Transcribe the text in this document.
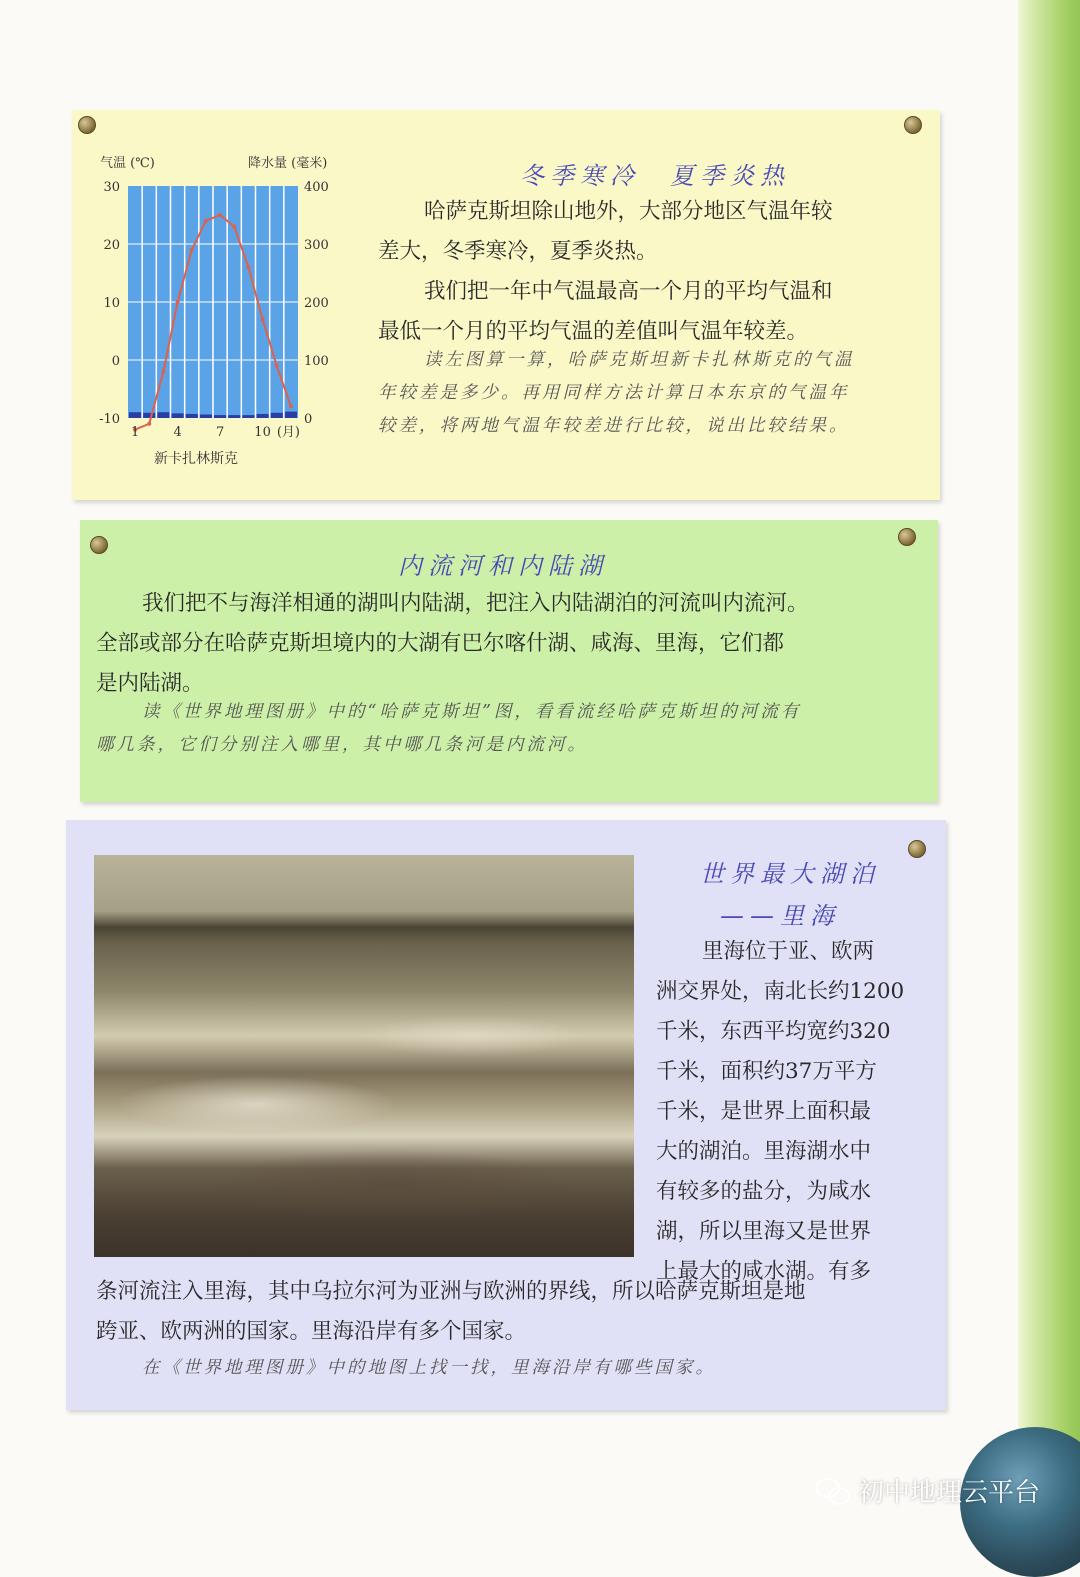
气温 (℃)	降水量 (毫米)
30
20
10
0
-10
400
300
200
100
0
1	4	7 10 (月)
新卡扎林斯克
冬季寒冷　夏季炎热
哈萨克斯坦除山地外，大部分地区气温年较
差大，冬季寒冷，夏季炎热。
我们把一年中气温最高一个月的平均气温和
最低一个月的平均气温的差值叫气温年较差。
读左图算一算，哈萨克斯坦新卡扎林斯克的气温
年较差是多少。再用同样方法计算日本东京的气温年
较差，将两地气温年较差进行比较，说出比较结果。
内流河和内陆湖
我们把不与海洋相通的湖叫内陆湖，把注入内陆湖泊的河流叫内流河。
全部或部分在哈萨克斯坦境内的大湖有巴尔喀什湖、咸海、里海，它们都
是内陆湖。
读《世界地理图册》中的“哈萨克斯坦”图，看看流经哈萨克斯坦的河流有
哪几条，它们分别注入哪里，其中哪几条河是内流河。
世界最大湖泊
——里海
里海位于亚、欧两
洲交界处，南北长约1200
千米，东西平均宽约320
千米，面积约37万平方
千米，是世界上面积最
大的湖泊。里海湖水中
有较多的盐分，为咸水
湖，所以里海又是世界
上最大的咸水湖。有多
条河流注入里海，其中乌拉尔河为亚洲与欧洲的界线，所以哈萨克斯坦是地
跨亚、欧两洲的国家。里海沿岸有多个国家。
在《世界地理图册》中的地图上找一找，里海沿岸有哪些国家。
初中地理云平台
